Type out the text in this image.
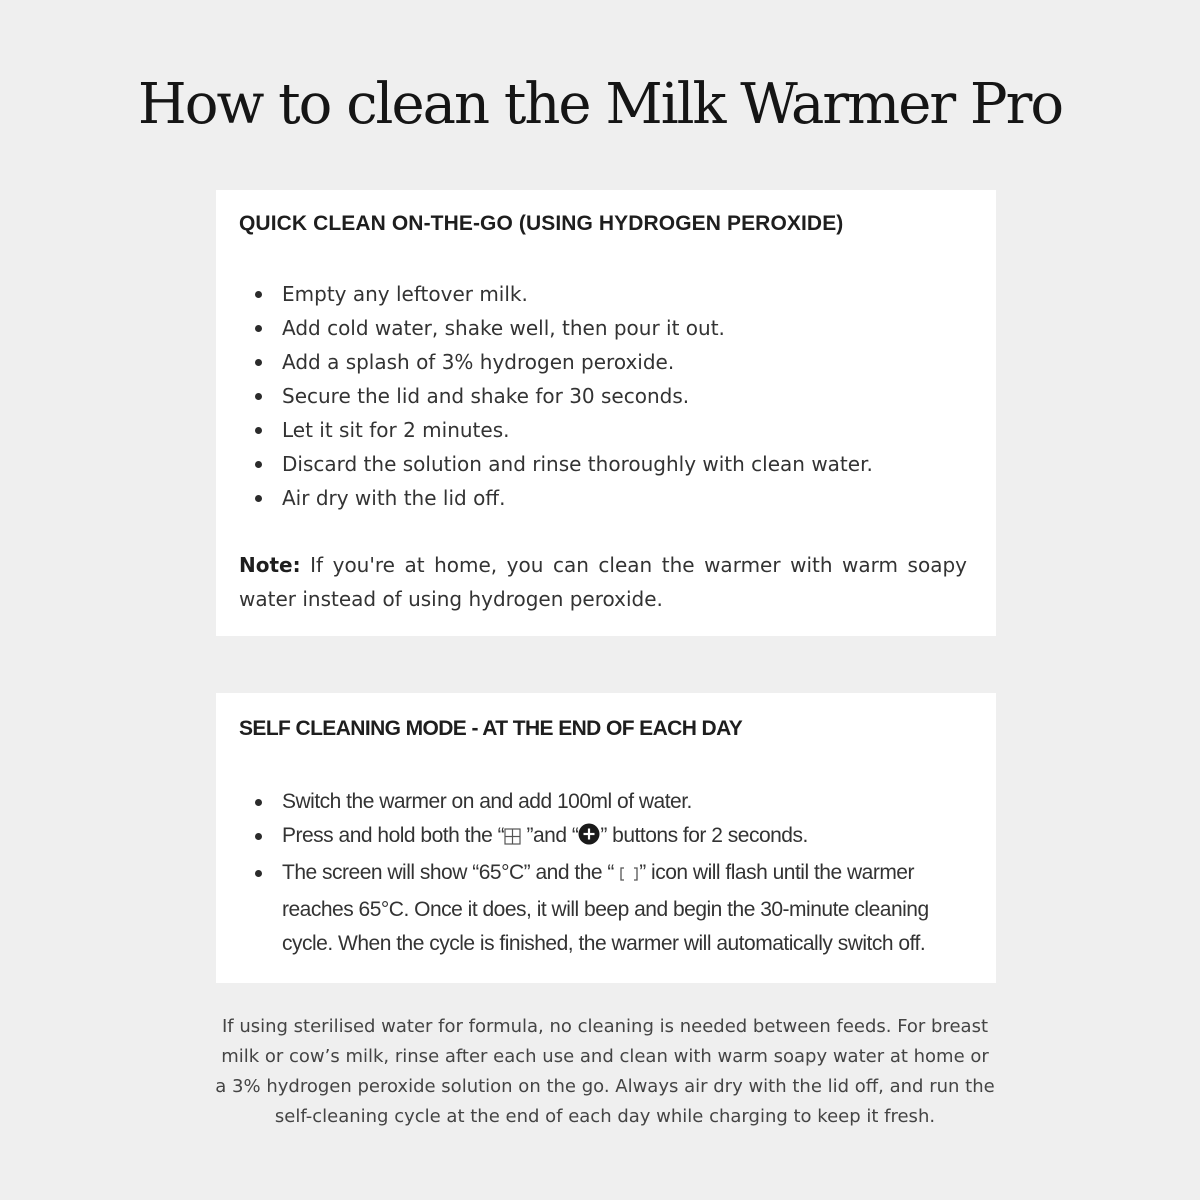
How to clean the Milk Warmer Pro
QUICK CLEAN ON-THE-GO (USING HYDROGEN PEROXIDE)
Empty any leftover milk.
Add cold water, shake well, then pour it out.
Add a splash of 3% hydrogen peroxide.
Secure the lid and shake for 30 seconds.
Let it sit for 2 minutes.
Discard the solution and rinse thoroughly with clean water.
Air dry with the lid off.

Note: If you're at home, you can clean the warmer with warm soapy water instead of using hydrogen peroxide.

SELF CLEANING MODE - AT THE END OF EACH DAY
Switch the warmer on and add 100ml of water.
Press and hold both the “ ”and “ ” buttons for 2 seconds.
The screen will show “65°C” and the “ ” icon will flash until the warmer reaches 65°C. Once it does, it will beep and begin the 30-minute cleaning cycle. When the cycle is finished, the warmer will automatically switch off.

If using sterilised water for formula, no cleaning is needed between feeds. For breast milk or cow’s milk, rinse after each use and clean with warm soapy water at home or a 3% hydrogen peroxide solution on the go. Always air dry with the lid off, and run the self-cleaning cycle at the end of each day while charging to keep it fresh.
